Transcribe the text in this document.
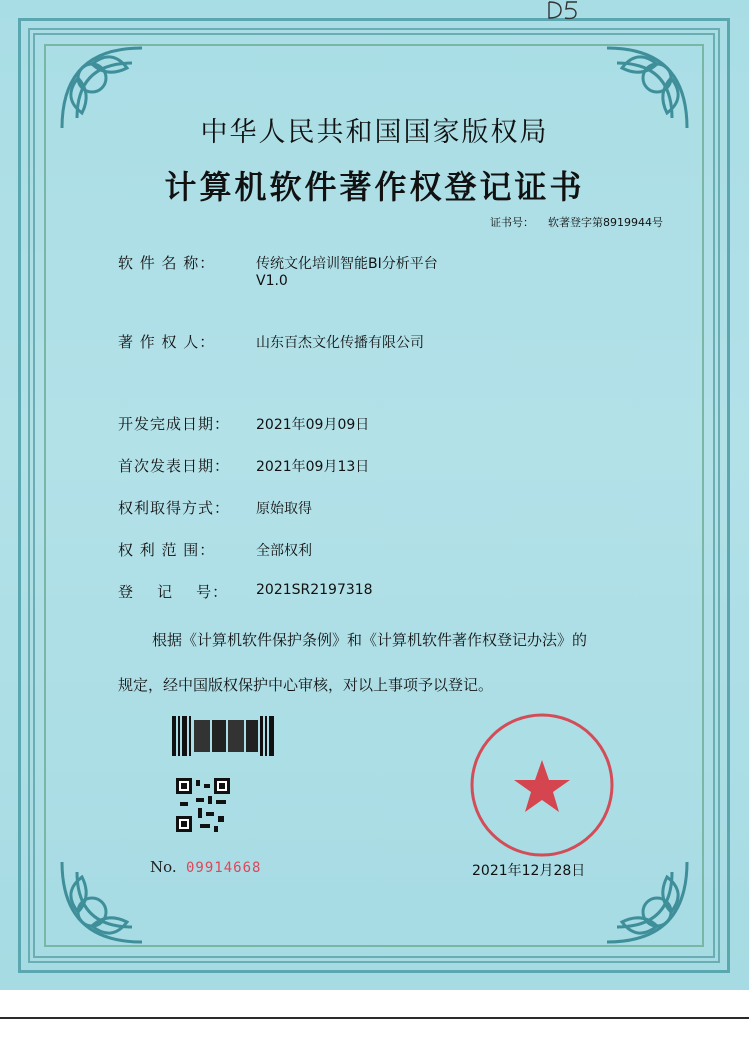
中华人民共和国国家版权局
计算机软件著作权登记证书
证书号： 软著登字第8919944号
软 件 名 称：	传统文化培训智能BI分析平台
V1.0
著 作 权 人：	山东百杰文化传播有限公司
开发完成日期： 2021年09月09日
首次发表日期： 2021年09月13日
权利取得方式： 原始取得
权 利 范 围：	全部权利
登    记    号： 2021SR2197318
根据《计算机软件保护条例》和《计算机软件著作权登记办法》的
规定，经中国版权保护中心审核，对以上事项予以登记。
No. 09914668	2021年12月28日
